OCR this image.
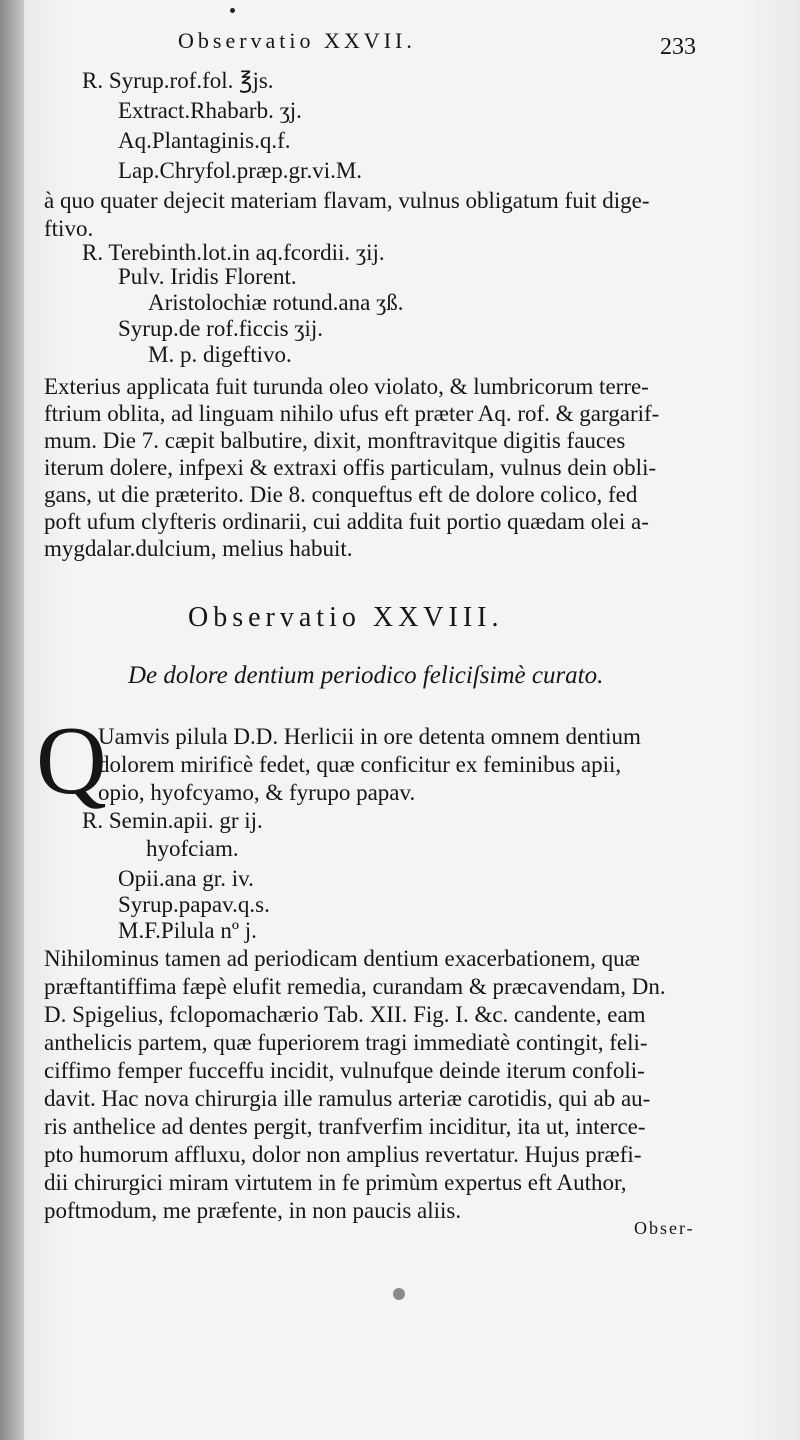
Observatio XXVII.	233
R. Syrup.rof.fol. ℥js.
Extract.Rhabarb. ʒj.
Aq.Plantaginis.q.f.
Lap.Chryfol.præp.gr.vi.M.
à quo quater dejecit materiam flavam, vulnus obligatum fuit dige-
ftivo.
R. Terebinth.lot.in aq.fcordii. ʒij.
Pulv. Iridis Florent.
Aristolochiæ rotund.ana ʒß.
Syrup.de rof.ficcis ʒij.
M. p. digeftivo.
Exterius applicata fuit turunda oleo violato, & lumbricorum terre-
ftrium oblita, ad linguam nihilo ufus eft præter Aq. rof. & gargarif-
mum. Die 7. cæpit balbutire, dixit, monftravitque digitis fauces
iterum dolere, infpexi & extraxi offis particulam, vulnus dein obli-
gans, ut die præterito. Die 8. conqueftus eft de dolore colico, fed
poft ufum clyfteris ordinarii, cui addita fuit portio quædam olei a-
mygdalar.dulcium, melius habuit.
Observatio XXVIII.
De dolore dentium periodico feliciſsimè curato.
Q
Uamvis pilula D.D. Herlicii in ore detenta omnem dentium
dolorem mirificè fedet, quæ conficitur ex feminibus apii,
opio, hyofcyamo, & fyrupo papav.
R. Semin.apii. gr ij.
hyofciam.
Opii.ana gr. iv.
Syrup.papav.q.s.
M.F.Pilula nº j.
Nihilominus tamen ad periodicam dentium exacerbationem, quæ
præftantiffima fæpè elufit remedia, curandam & præcavendam, Dn.
D. Spigelius, fclopomachærio Tab. XII. Fig. I. &c. candente, eam
anthelicis partem, quæ fuperiorem tragi immediatè contingit, feli-
ciffimo femper fucceffu incidit, vulnufque deinde iterum confoli-
davit. Hac nova chirurgia ille ramulus arteriæ carotidis, qui ab au-
ris anthelice ad dentes pergit, tranfverfim inciditur, ita ut, interce-
pto humorum affluxu, dolor non amplius revertatur. Hujus præfi-
dii chirurgici miram virtutem in fe primùm expertus eft Author,
poftmodum, me præfente, in non paucis aliis.
Obser-
